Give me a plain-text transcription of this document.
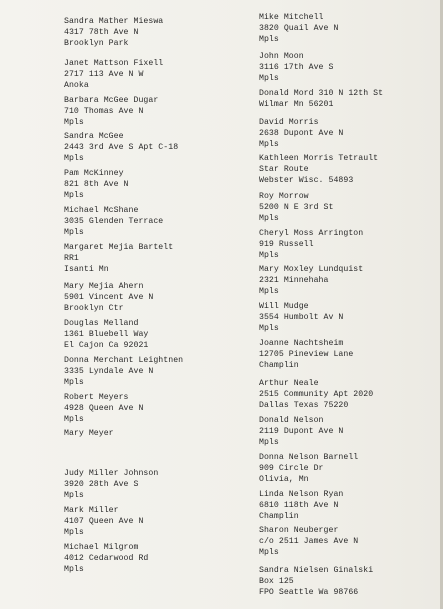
Sandra Mather Mieswa
4317 78th Ave N
Brooklyn Park
Janet Mattson Fixell
2717 113 Ave N W
Anoka
Barbara McGee Dugar
710 Thomas Ave N
Mpls
Sandra McGee
2443 3rd Ave S Apt C-18
Mpls
Pam McKinney
821 8th Ave N
Mpls
Michael McShane
3035 Glenden Terrace
Mpls
Margaret Mejia Bartelt
RR1
Isanti Mn
Mary Mejia Ahern
5901 Vincent Ave N
Brooklyn Ctr
Douglas Melland
1361 Bluebell Way
El Cajon Ca 92021
Donna Merchant Leightnen
3335 Lyndale Ave N
Mpls
Robert Meyers
4928 Queen Ave N
Mpls
Mary Meyer
Judy Miller Johnson
3920 28th Ave S
Mpls
Mark Miller
4107 Queen Ave N
Mpls
Michael Milgrom
4012 Cedarwood Rd
Mpls
Mike Mitchell
3820 Quail Ave N
Mpls
John Moon
3116 17th Ave S
Mpls
Donald Mord 310 N 12th St
Wilmar Mn 56201
David Morris
2638 Dupont Ave N
Mpls
Kathleen Morris Tetrault
Star Route
Webster Wisc. 54893
Roy Morrow
5200 N E 3rd St
Mpls
Cheryl Moss Arrington
919 Russell
Mpls
Mary Moxley Lundquist
2321 Minnehaha
Mpls
Will Mudge
3554 Humbolt Av N
Mpls
Joanne Nachtsheim
12705 Pineview Lane
Champlin
Arthur Neale
2515 Community Apt 2020
Dallas Texas 75220
Donald Nelson
2119 Dupont Ave N
Mpls
Donna Nelson Barnell
909 Circle Dr
Olivia, Mn
Linda Nelson Ryan
6810 118th Ave N
Champlin
Sharon Neuberger
c/o 2511 James Ave N
Mpls
Sandra Nielsen Ginalski
Box 125
FPO Seattle Wa 98766
